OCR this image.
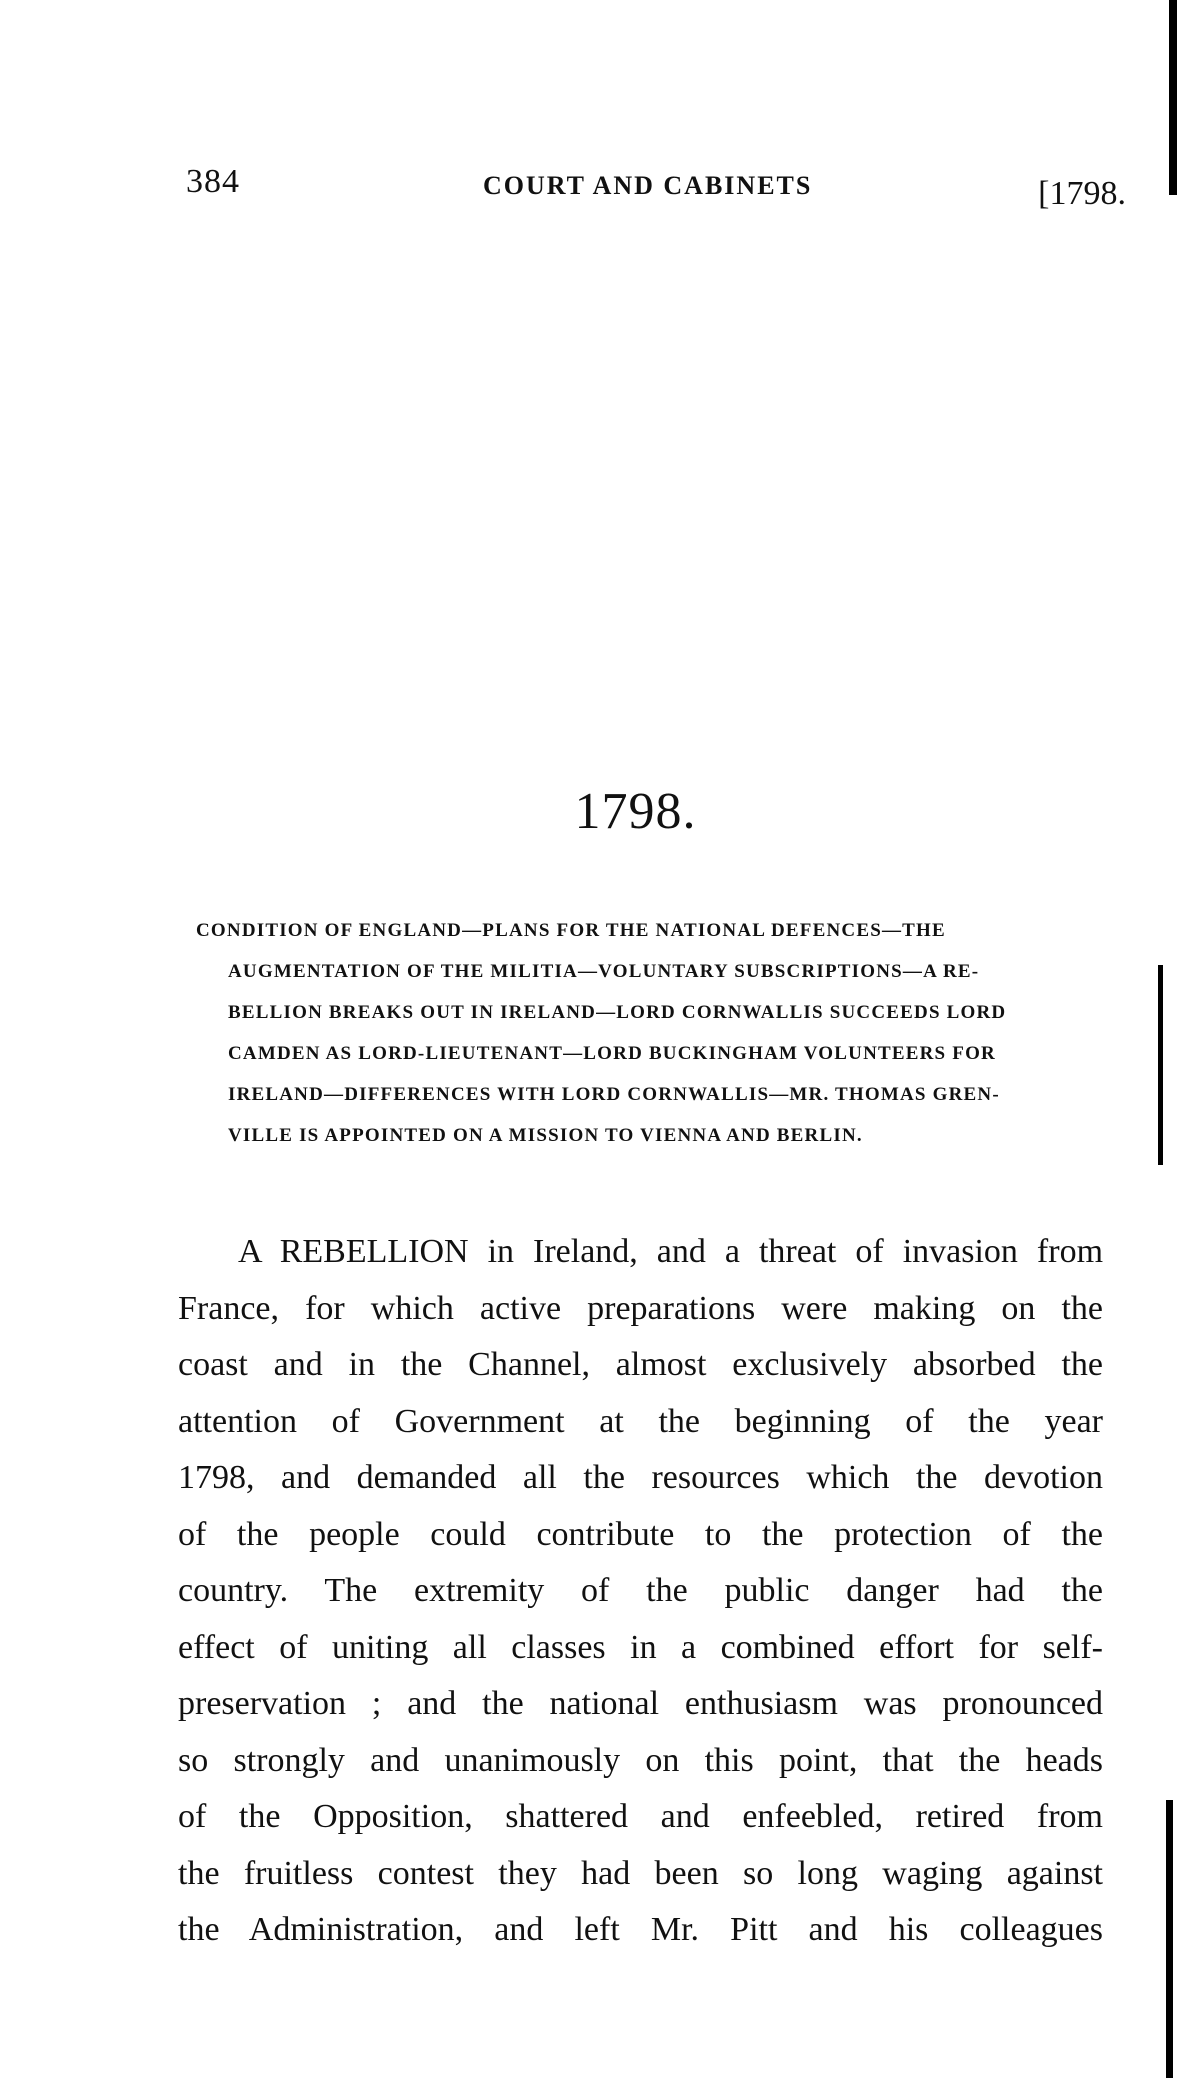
384	COURT AND CABINETS	[1798.
1798.
CONDITION OF ENGLAND—PLANS FOR THE NATIONAL DEFENCES—THE
AUGMENTATION OF THE MILITIA—VOLUNTARY SUBSCRIPTIONS—A RE-
BELLION BREAKS OUT IN IRELAND—LORD CORNWALLIS SUCCEEDS LORD
CAMDEN AS LORD-LIEUTENANT—LORD BUCKINGHAM VOLUNTEERS FOR
IRELAND—DIFFERENCES WITH LORD CORNWALLIS—MR. THOMAS GREN-
VILLE IS APPOINTED ON A MISSION TO VIENNA AND BERLIN.
A REBELLION in Ireland, and a threat of invasion from
France, for which active preparations were making on the
coast and in the Channel, almost exclusively absorbed the
attention of Government at the beginning of the year
1798, and demanded all the resources which the devotion
of the people could contribute to the protection of the
country. The extremity of the public danger had the
effect of uniting all classes in a combined effort for self-
preservation ; and the national enthusiasm was pronounced
so strongly and unanimously on this point, that the heads
of the Opposition, shattered and enfeebled, retired from
the fruitless contest they had been so long waging against
the Administration, and left Mr. Pitt and his colleagues
